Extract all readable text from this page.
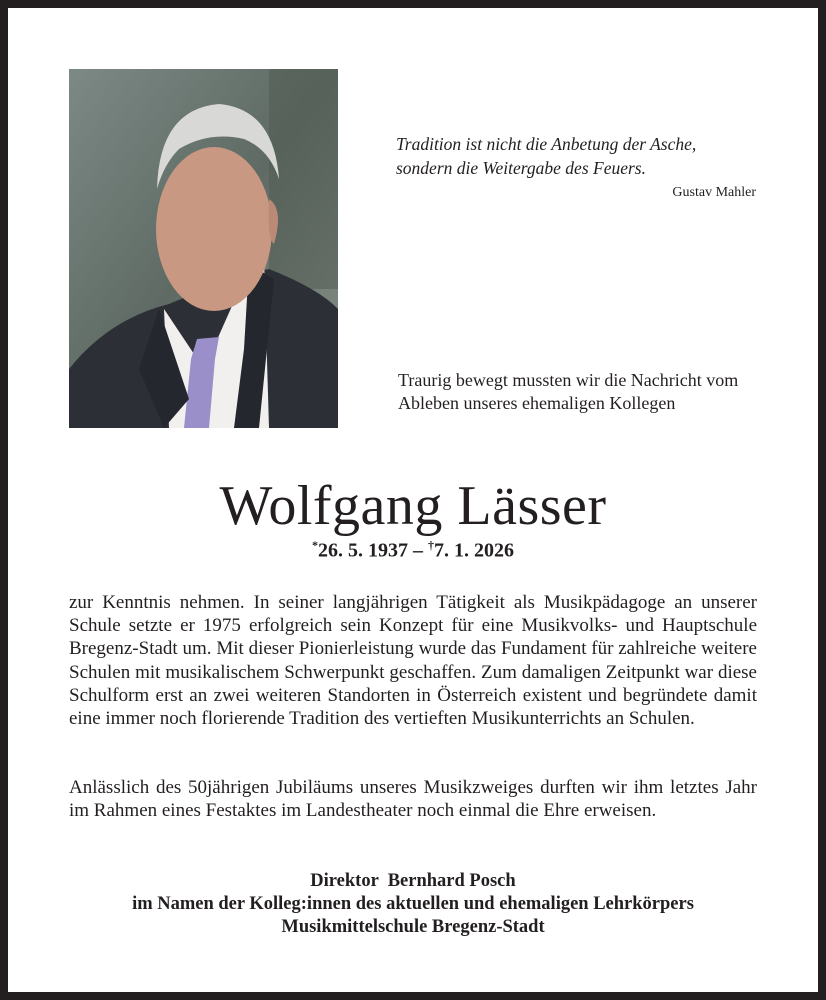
Tradition ist nicht die Anbetung der Asche, sondern die Weitergabe des Feuers.
Gustav Mahler
Traurig bewegt mussten wir die Nachricht vom Ableben unseres ehemaligen Kollegen
Wolfgang Lässer
*26. 5. 1937 – †7. 1. 2026
zur Kenntnis nehmen. In seiner langjährigen Tätigkeit als Musikpädagoge an unserer Schule setzte er 1975 erfolgreich sein Konzept für eine Musikvolks- und Hauptschule Bregenz-Stadt um. Mit dieser Pionierleistung wurde das Fundament für zahlreiche weitere Schulen mit musikalischem Schwerpunkt geschaffen. Zum damaligen Zeitpunkt war diese Schulform erst an zwei weiteren Standorten in Österreich existent und begründete damit eine immer noch florierende Tradition des vertieften Musikunterrichts an Schulen.
Anlässlich des 50jährigen Jubiläums unseres Musikzweiges durften wir ihm letztes Jahr im Rahmen eines Festaktes im Landestheater noch einmal die Ehre erweisen.
Direktor  Bernhard Posch
im Namen der Kolleg:innen des aktuellen und ehemaligen Lehrkörpers
Musikmittelschule Bregenz-Stadt
